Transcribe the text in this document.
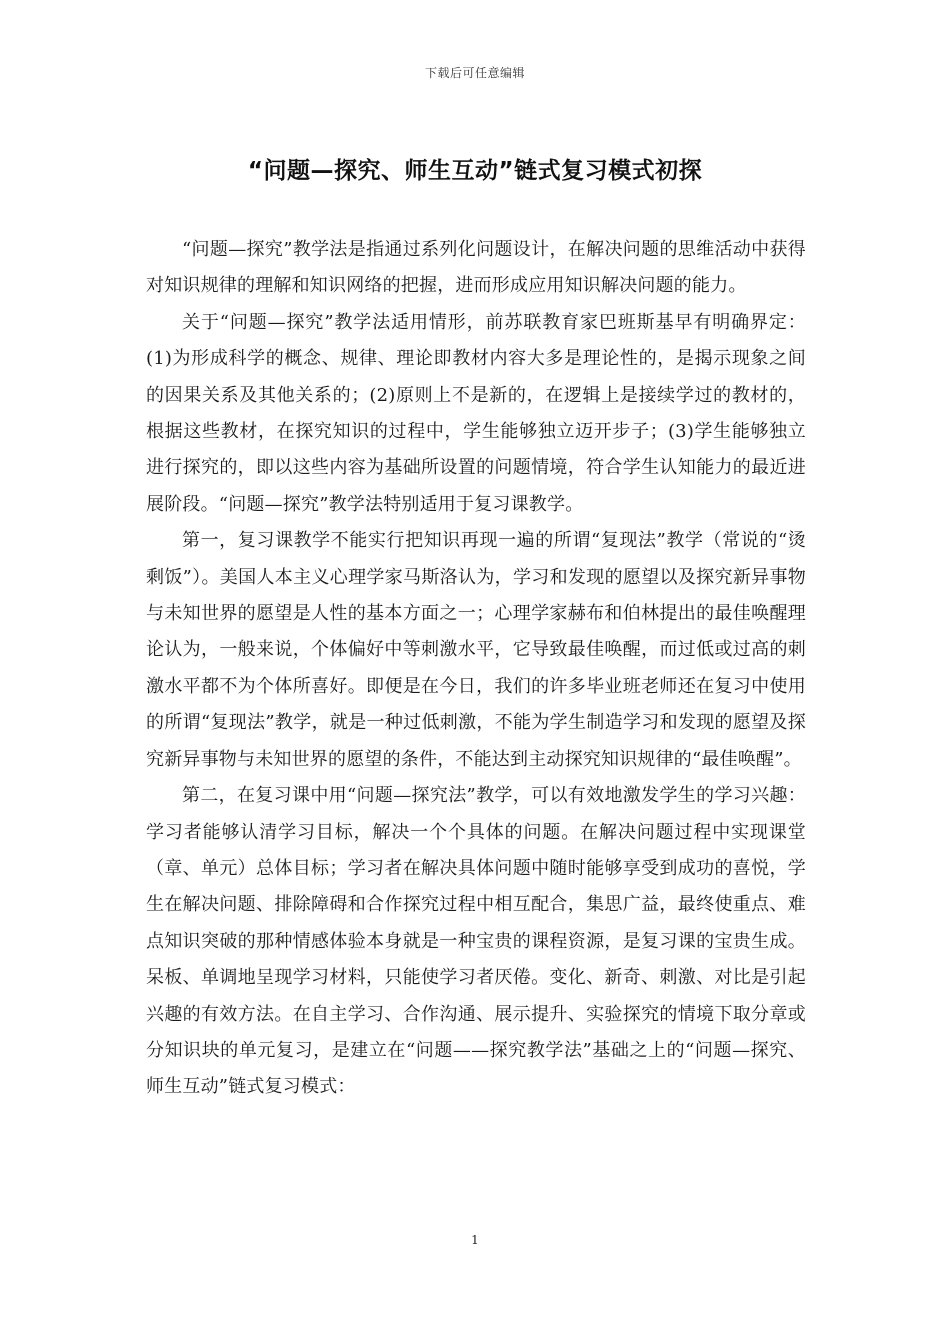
下载后可任意编辑
“问题—探究、师生互动”链式复习模式初探

“问题—探究”教学法是指通过系列化问题设计，在解决问题的思维活动中获得对知识规律的理解和知识网络的把握，进而形成应用知识解决问题的能力。

关于“问题—探究”教学法适用情形，前苏联教育家巴班斯基早有明确界定：(1)为形成科学的概念、规律、理论即教材内容大多是理论性的，是揭示现象之间的因果关系及其他关系的；(2)原则上不是新的，在逻辑上是接续学过的教材的，根据这些教材，在探究知识的过程中，学生能够独立迈开步子；(3)学生能够独立进行探究的，即以这些内容为基础所设置的问题情境，符合学生认知能力的最近进展阶段。“问题—探究”教学法特别适用于复习课教学。

第一，复习课教学不能实行把知识再现一遍的所谓“复现法”教学（常说的“烫剩饭”）。美国人本主义心理学家马斯洛认为，学习和发现的愿望以及探究新异事物与未知世界的愿望是人性的基本方面之一；心理学家赫布和伯林提出的最佳唤醒理论认为，一般来说，个体偏好中等刺激水平，它导致最佳唤醒，而过低或过高的刺激水平都不为个体所喜好。即便是在今日，我们的许多毕业班老师还在复习中使用的所谓“复现法”教学，就是一种过低刺激，不能为学生制造学习和发现的愿望及探究新异事物与未知世界的愿望的条件，不能达到主动探究知识规律的“最佳唤醒”。

第二，在复习课中用“问题—探究法”教学，可以有效地激发学生的学习兴趣：学习者能够认清学习目标，解决一个个具体的问题。在解决问题过程中实现课堂（章、单元）总体目标；学习者在解决具体问题中随时能够享受到成功的喜悦，学生在解决问题、排除障碍和合作探究过程中相互配合，集思广益，最终使重点、难点知识突破的那种情感体验本身就是一种宝贵的课程资源，是复习课的宝贵生成。呆板、单调地呈现学习材料，只能使学习者厌倦。变化、新奇、刺激、对比是引起兴趣的有效方法。在自主学习、合作沟通、展示提升、实验探究的情境下取分章或分知识块的单元复习，是建立在“问题——探究教学法”基础之上的“问题—探究、师生互动”链式复习模式：

1
